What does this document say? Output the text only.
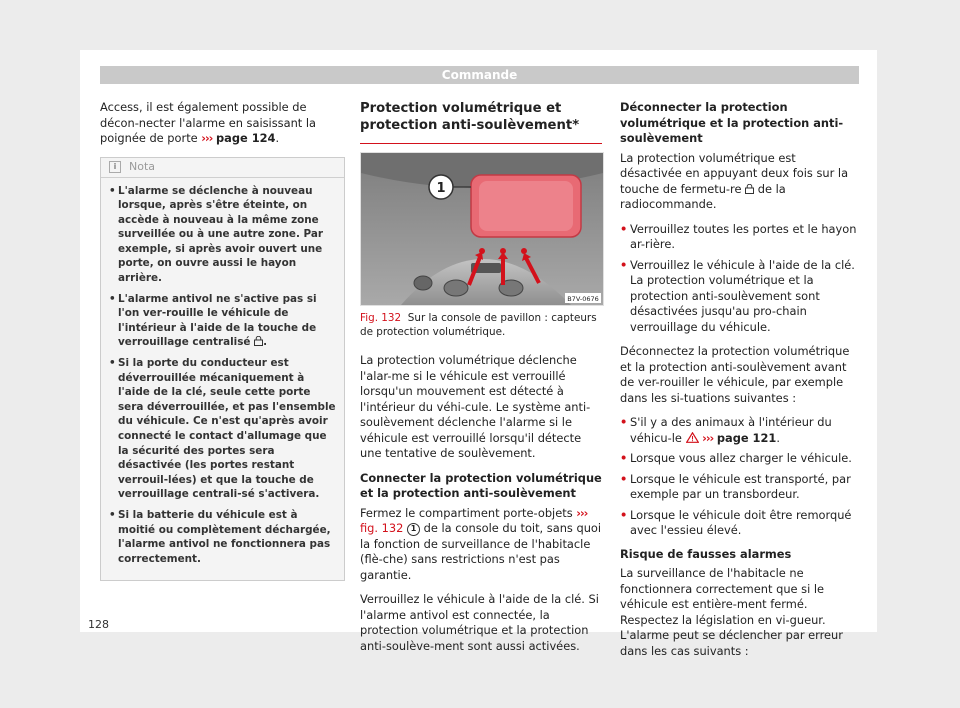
Commande

Access, il est également possible de décon-necter l'alarme en saisissant la poignée de porte ››› page 124.

i	Nota
• L'alarme se déclenche à nouveau lorsque, après s'être éteinte, on accède à nouveau à la même zone surveillée ou à une autre zone. Par exemple, si après avoir ouvert une porte, on ouvre aussi le hayon arrière.
• L'alarme antivol ne s'active pas si l'on ver-rouille le véhicule de l'intérieur à l'aide de la touche de verrouillage centralisé .
• Si la porte du conducteur est déverrouillée mécaniquement à l'aide de la clé, seule cette porte sera déverrouillée, et pas l'ensemble du véhicule. Ce n'est qu'après avoir connecté le contact d'allumage que la sécurité des portes sera désactivée (les portes restant verrouil-lées) et que la touche de verrouillage centrali-sé s'activera.
• Si la batterie du véhicule est à moitié ou complètement déchargée, l'alarme antivol ne fonctionnera pas correctement.
Protection volumétrique et protection anti-soulèvement*
1
B7V-0676
Fig. 132 Sur la console de pavillon : capteurs de protection volumétrique.

La protection volumétrique déclenche l'alar-me si le véhicule est verrouillé lorsqu'un mouvement est détecté à l'intérieur du véhi-cule. Le système anti-soulèvement déclenche l'alarme si le véhicule est verrouillé lorsqu'il détecte une tentative de soulèvement.

Connecter la protection volumétrique et la protection anti-soulèvement

Fermez le compartiment porte-objets ››› fig. 132 1 de la console du toit, sans quoi la fonction de surveillance de l'habitacle (flè-che) sans restrictions n'est pas garantie.

Verrouillez le véhicule à l'aide de la clé. Si l'alarme antivol est connectée, la protection volumétrique et la protection anti-soulève-ment sont aussi activées.

Déconnecter la protection volumétrique et la protection anti-soulèvement

La protection volumétrique est désactivée en appuyant deux fois sur la touche de fermetu-re de la radiocommande.

• Verrouillez toutes les portes et le hayon ar-rière.
• Verrouillez le véhicule à l'aide de la clé. La protection volumétrique et la protection anti-soulèvement sont désactivées jusqu'au pro-chain verrouillage du véhicule.

Déconnectez la protection volumétrique et la protection anti-soulèvement avant de ver-rouiller le véhicule, par exemple dans les si-tuations suivantes :

• S'il y a des animaux à l'intérieur du véhicu-le ››› page 121.
• Lorsque vous allez charger le véhicule.
• Lorsque le véhicule est transporté, par exemple par un transbordeur.
• Lorsque le véhicule doit être remorqué avec l'essieu élevé.
Risque de fausses alarmes

La surveillance de l'habitacle ne fonctionnera correctement que si le véhicule est entière-ment fermé. Respectez la législation en vi-gueur. L'alarme peut se déclencher par erreur dans les cas suivants :

128
